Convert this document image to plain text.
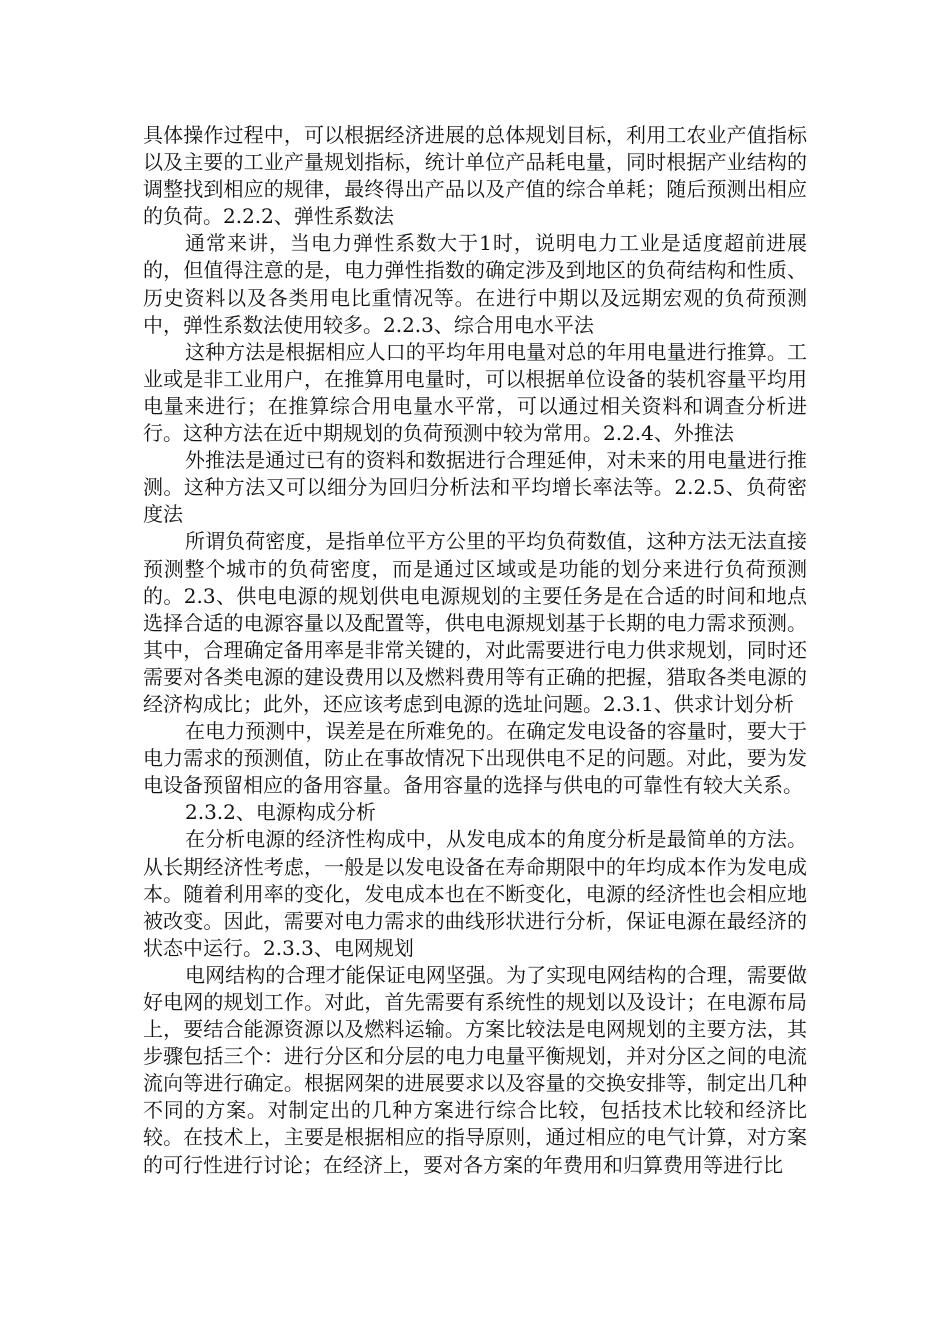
具体操作过程中，可以根据经济进展的总体规划目标，利用工农业产值指标以及主要的工业产量规划指标，统计单位产品耗电量，同时根据产业结构的调整找到相应的规律，最终得出产品以及产值的综合单耗；随后预测出相应的负荷。2.2.2、弹性系数法

通常来讲，当电力弹性系数大于1时，说明电力工业是适度超前进展的，但值得注意的是，电力弹性指数的确定涉及到地区的负荷结构和性质、历史资料以及各类用电比重情况等。在进行中期以及远期宏观的负荷预测中，弹性系数法使用较多。2.2.3、综合用电水平法

这种方法是根据相应人口的平均年用电量对总的年用电量进行推算。工业或是非工业用户，在推算用电量时，可以根据单位设备的装机容量平均用电量来进行；在推算综合用电量水平常，可以通过相关资料和调查分析进行。这种方法在近中期规划的负荷预测中较为常用。2.2.4、外推法

外推法是通过已有的资料和数据进行合理延伸，对未来的用电量进行推测。这种方法又可以细分为回归分析法和平均增长率法等。2.2.5、负荷密度法

所谓负荷密度，是指单位平方公里的平均负荷数值，这种方法无法直接预测整个城市的负荷密度，而是通过区域或是功能的划分来进行负荷预测的。2.3、供电电源的规划供电电源规划的主要任务是在合适的时间和地点选择合适的电源容量以及配置等，供电电源规划基于长期的电力需求预测。其中，合理确定备用率是非常关键的，对此需要进行电力供求规划，同时还需要对各类电源的建设费用以及燃料费用等有正确的把握，猎取各类电源的经济构成比；此外，还应该考虑到电源的选址问题。2.3.1、供求计划分析

在电力预测中，误差是在所难免的。在确定发电设备的容量时，要大于电力需求的预测值，防止在事故情况下出现供电不足的问题。对此，要为发电设备预留相应的备用容量。备用容量的选择与供电的可靠性有较大关系。

2.3.2、电源构成分析

在分析电源的经济性构成中，从发电成本的角度分析是最简单的方法。从长期经济性考虑，一般是以发电设备在寿命期限中的年均成本作为发电成本。随着利用率的变化，发电成本也在不断变化，电源的经济性也会相应地被改变。因此，需要对电力需求的曲线形状进行分析，保证电源在最经济的状态中运行。2.3.3、电网规划

电网结构的合理才能保证电网坚强。为了实现电网结构的合理，需要做好电网的规划工作。对此，首先需要有系统性的规划以及设计；在电源布局上，要结合能源资源以及燃料运输。方案比较法是电网规划的主要方法，其步骤包括三个：进行分区和分层的电力电量平衡规划，并对分区之间的电流流向等进行确定。根据网架的进展要求以及容量的交换安排等，制定出几种不同的方案。对制定出的几种方案进行综合比较，包括技术比较和经济比较。在技术上，主要是根据相应的指导原则，通过相应的电气计算，对方案的可行性进行讨论；在经济上，要对各方案的年费用和归算费用等进行比
